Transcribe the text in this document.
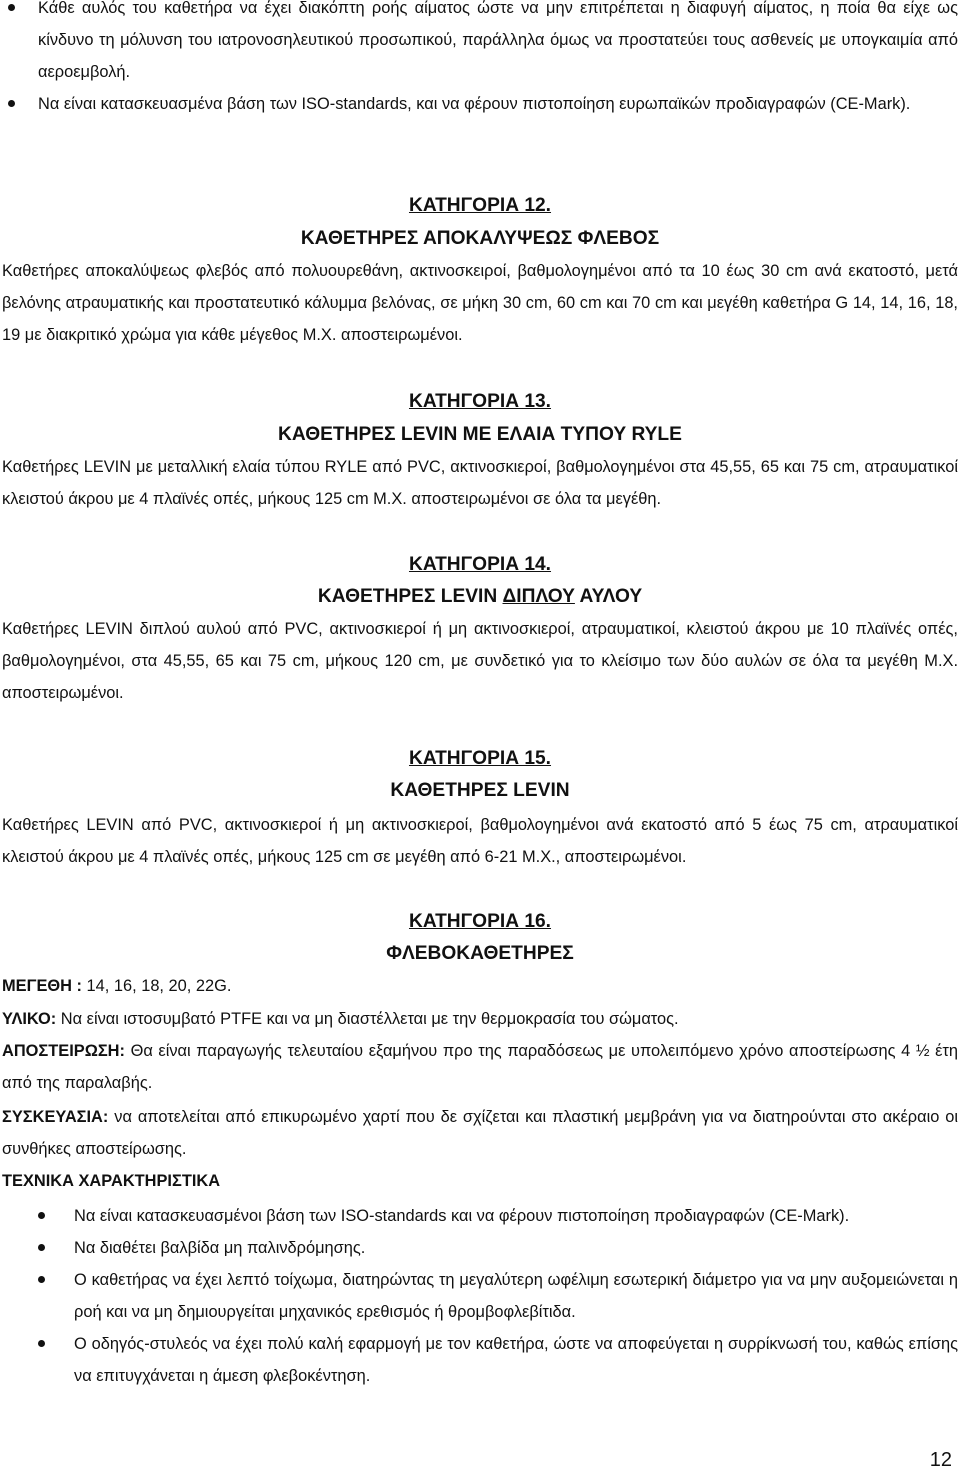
Κάθε αυλός του καθετήρα να έχει διακόπτη ροής αίματος ώστε να μην επιτρέπεται η διαφυγή αίματος, η ποία θα είχε ως κίνδυνο τη μόλυνση του ιατρονοσηλευτικού προσωπικού, παράλληλα όμως να προστατεύει τους ασθενείς με υπογκαιμία από αεροεμβολή.
Να είναι κατασκευασμένα βάση των ISO-standards, και να φέρουν πιστοποίηση ευρωπαϊκών προδιαγραφών (CE-Mark).
ΚΑΤΗΓΟΡΙΑ 12.
ΚΑΘΕΤΗΡΕΣ ΑΠΟΚΑΛΥΨΕΩΣ ΦΛΕΒΟΣ

Καθετήρες αποκαλύψεως φλεβός από πολυουρεθάνη, ακτινοσκειροί, βαθμολογημένοι από τα 10 έως 30 cm ανά εκατοστό, μετά βελόνης ατραυματικής και προστατευτικό κάλυμμα βελόνας, σε μήκη 30 cm, 60 cm και 70 cm και μεγέθη καθετήρα G 14, 14, 16, 18, 19 με διακριτικό χρώμα για κάθε μέγεθος Μ.Χ. αποστειρωμένοι.

ΚΑΤΗΓΟΡΙΑ 13.
ΚΑΘΕΤΗΡΕΣ LEVIN ΜΕ ΕΛΑΙΑ ΤΥΠΟΥ RYLE

Καθετήρες LEVIN με μεταλλική ελαία τύπου RYLE από PVC, ακτινοσκιεροί, βαθμολογημένοι στα 45,55, 65 και 75 cm, ατραυματικοί κλειστού άκρου με 4 πλαϊνές οπές, μήκους 125 cm Μ.Χ. αποστειρωμένοι σε όλα τα μεγέθη.

ΚΑΤΗΓΟΡΙΑ 14.
ΚΑΘΕΤΗΡΕΣ LEVIN ΔΙΠΛΟΥ ΑΥΛΟΥ

Καθετήρες LEVIN διπλού αυλού από PVC, ακτινοσκιεροί ή μη ακτινοσκιεροί, ατραυματικοί, κλειστού άκρου με 10 πλαϊνές οπές, βαθμολογημένοι, στα 45,55, 65 και 75 cm, μήκους 120 cm, με συνδετικό για το κλείσιμο των δύο αυλών σε όλα τα μεγέθη Μ.Χ. αποστειρωμένοι.

ΚΑΤΗΓΟΡΙΑ 15.
ΚΑΘΕΤΗΡΕΣ LEVIN

Καθετήρες LEVIN από PVC, ακτινοσκιεροί ή μη ακτινοσκιεροί, βαθμολογημένοι ανά εκατοστό από 5 έως 75 cm, ατραυματικοί κλειστού άκρου με 4 πλαϊνές οπές, μήκους 125 cm σε μεγέθη από 6-21 Μ.Χ., αποστειρωμένοι.

ΚΑΤΗΓΟΡΙΑ 16.
ΦΛΕΒΟΚΑΘΕΤΗΡΕΣ

ΜΕΓΕΘΗ : 14, 16, 18, 20, 22G.

ΥΛΙΚΟ: Να είναι ιστοσυμβατό PTFE και να μη διαστέλλεται με την θερμοκρασία του σώματος.

ΑΠΟΣΤΕΙΡΩΣΗ: Θα είναι παραγωγής τελευταίου εξαμήνου προ της παραδόσεως με υπολειπόμενο χρόνο αποστείρωσης 4 ½ έτη από της παραλαβής.

ΣΥΣΚΕΥΑΣΙΑ: να αποτελείται από επικυρωμένο χαρτί που δε σχίζεται και πλαστική μεμβράνη για να διατηρούνται στο ακέραιο οι συνθήκες αποστείρωσης.

ΤΕΧΝΙΚΑ ΧΑΡΑΚΤΗΡΙΣΤΙΚΑ

Να είναι κατασκευασμένοι βάση των ISO-standards και να φέρουν πιστοποίηση προδιαγραφών (CE-Mark).
Να διαθέτει βαλβίδα μη παλινδρόμησης.
Ο καθετήρας να έχει λεπτό τοίχωμα, διατηρώντας τη μεγαλύτερη ωφέλιμη εσωτερική διάμετρο για να μην αυξομειώνεται η ροή και να μη δημιουργείται μηχανικός ερεθισμός ή θρομβοφλεβίτιδα.
Ο οδηγός-στυλεός να έχει πολύ καλή εφαρμογή με τον καθετήρα, ώστε να αποφεύγεται η συρρίκνωσή του, καθώς επίσης να επιτυγχάνεται η άμεση φλεβοκέντηση.
12
